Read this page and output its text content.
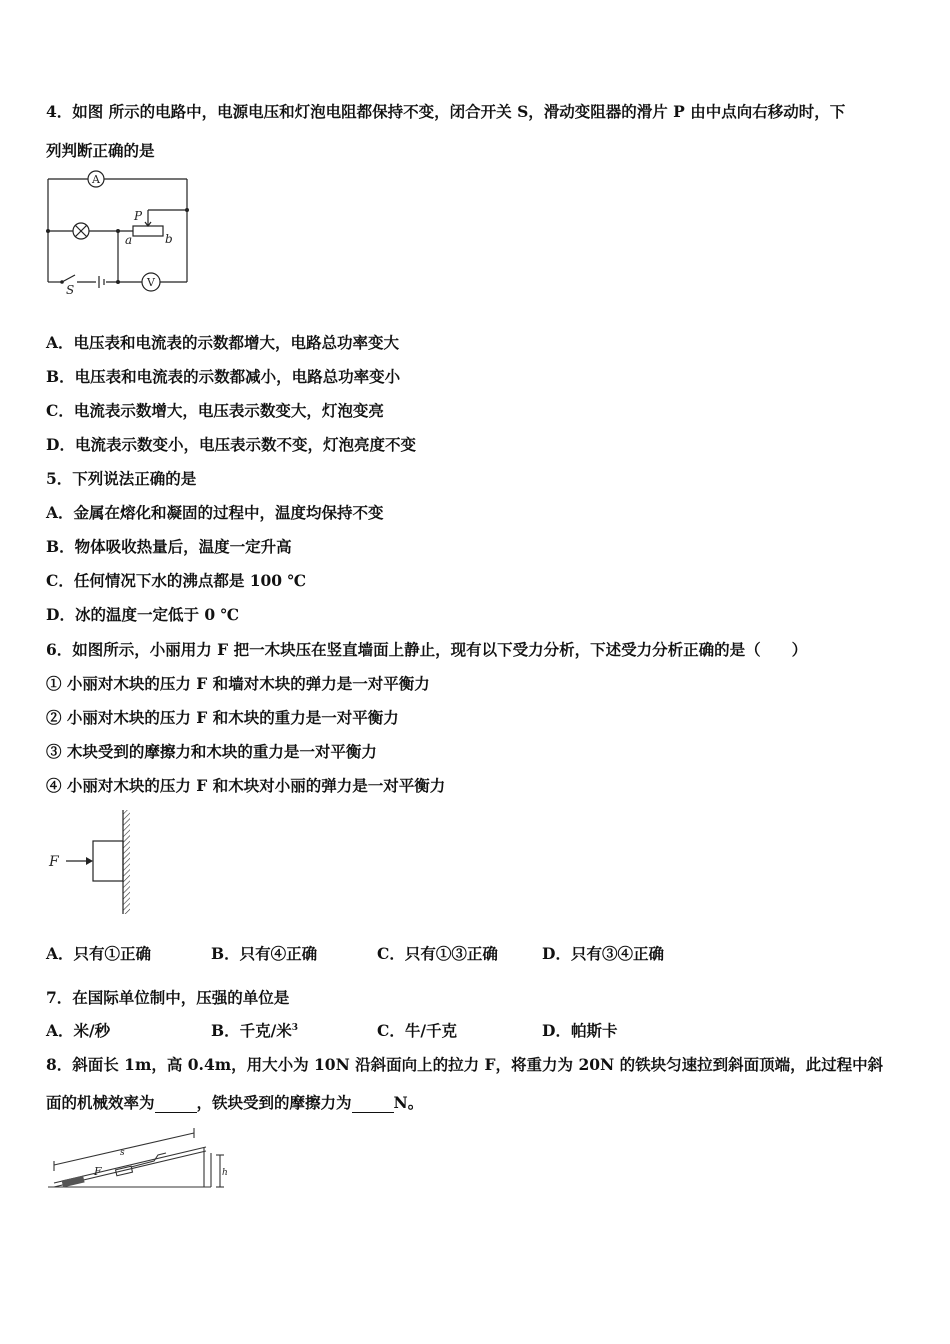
4．如图 所示的电路中，电源电压和灯泡电阻都保持不变，闭合开关 S，滑动变阻器的滑片 P 由中点向右移动时，下
列判断正确的是
A
V
P
a	b
S
A．电压表和电流表的示数都增大，电路总功率变大
B．电压表和电流表的示数都减小，电路总功率变小
C．电流表示数增大，电压表示数变大，灯泡变亮
D．电流表示数变小，电压表示数不变，灯泡亮度不变
5．下列说法正确的是
A．金属在熔化和凝固的过程中，温度均保持不变
B．物体吸收热量后，温度一定升高
C．任何情况下水的沸点都是 100 ℃
D．冰的温度一定低于 0 ℃
6．如图所示，小丽用力 F 把一木块压在竖直墙面上静止，现有以下受力分析，下述受力分析正确的是（　　）
① 小丽对木块的压力 F 和墙对木块的弹力是一对平衡力
② 小丽对木块的压力 F 和木块的重力是一对平衡力
③ 木块受到的摩擦力和木块的重力是一对平衡力
④ 小丽对木块的压力 F 和木块对小丽的弹力是一对平衡力
F
A．只有①正确	B．只有④正确	C．只有①③正确	D．只有③④正确
7．在国际单位制中，压强的单位是
A．米/秒	B．千克/米$^3$	C．牛/千克	D．帕斯卡
8．斜面长 1m，高 0.4m，用大小为 10N 沿斜面向上的拉力 F，将重力为 20N 的铁块匀速拉到斜面顶端，此过程中斜
面的机械效率为	，铁块受到的摩擦力为	N。
s
F	h
